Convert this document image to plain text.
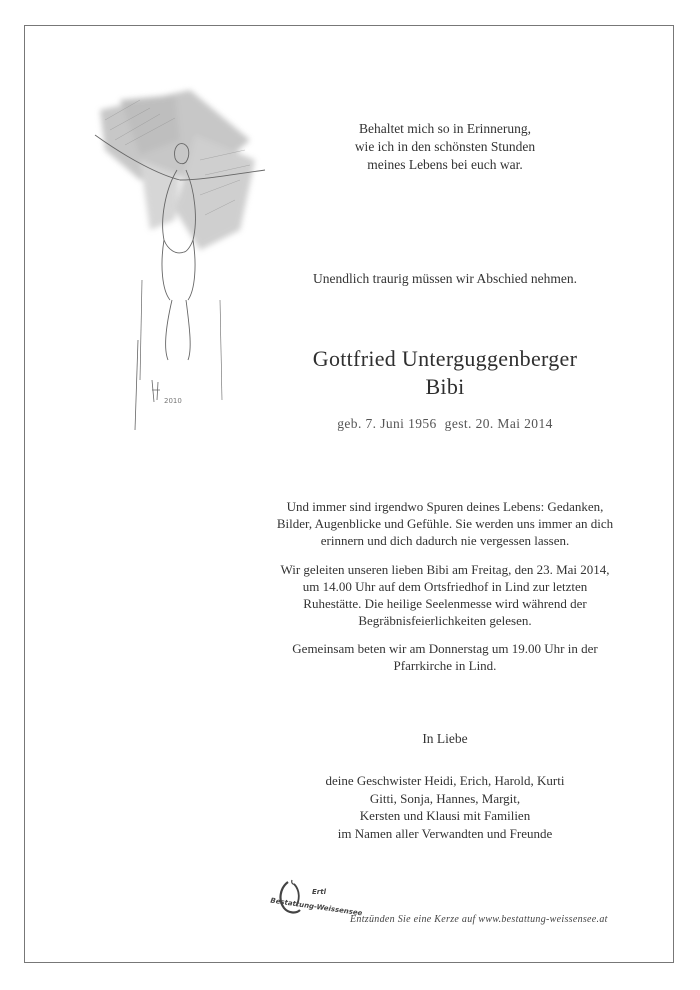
2010
Behaltet mich so in Erinnerung,
wie ich in den schönsten Stunden
meines Lebens bei euch war.
Unendlich traurig müssen wir Abschied nehmen.
Gottfried Unterguggenberger
Bibi
geb. 7. Juni 1956 gest. 20. Mai 2014
Und immer sind irgendwo Spuren deines Lebens: Gedanken,
Bilder, Augenblicke und Gefühle. Sie werden uns immer an dich
erinnern und dich dadurch nie vergessen lassen.
Wir geleiten unseren lieben Bibi am Freitag, den 23. Mai 2014,
um 14.00 Uhr auf dem Ortsfriedhof in Lind zur letzten
Ruhestätte. Die heilige Seelenmesse wird während der
Begräbnisfeierlichkeiten gelesen.
Gemeinsam beten wir am Donnerstag um 19.00 Uhr in der
Pfarrkirche in Lind.
In Liebe
deine Geschwister Heidi, Erich, Harold, Kurti
Gitti, Sonja, Hannes, Margit,
Kersten und Klausi mit Familien
im Namen aller Verwandten und Freunde
Ertl
Bestattung-Weissensee
Entzünden Sie eine Kerze auf www.bestattung-weissensee.at
